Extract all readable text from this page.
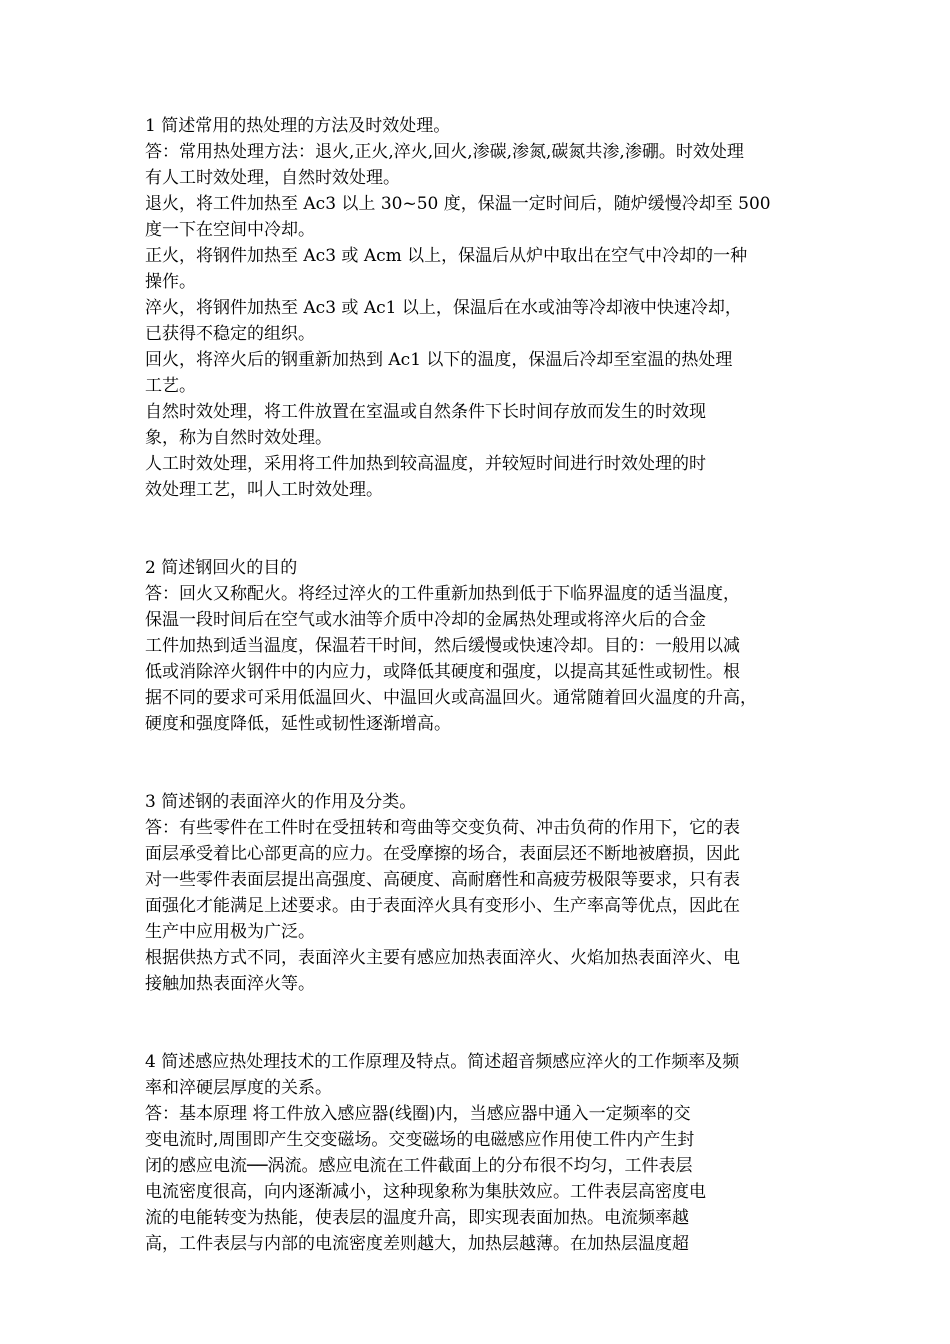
1 简述常用的热处理的方法及时效处理。
答：常用热处理方法：退火,正火,淬火,回火,渗碳,渗氮,碳氮共渗,渗硼。时效处理
有人工时效处理，自然时效处理。
退火，将工件加热至 Ac3 以上 30~50 度，保温一定时间后，随炉缓慢冷却至 500
度一下在空间中冷却。
正火，将钢件加热至 Ac3 或 Acm 以上，保温后从炉中取出在空气中冷却的一种
操作。
淬火，将钢件加热至 Ac3 或 Ac1 以上，保温后在水或油等冷却液中快速冷却，
已获得不稳定的组织。
回火，将淬火后的钢重新加热到 Ac1 以下的温度，保温后冷却至室温的热处理
工艺。
自然时效处理，将工件放置在室温或自然条件下长时间存放而发生的时效现
象，称为自然时效处理。
人工时效处理，采用将工件加热到较高温度，并较短时间进行时效处理的时
效处理工艺，叫人工时效处理。
2 简述钢回火的目的
答：回火又称配火。将经过淬火的工件重新加热到低于下临界温度的适当温度，
保温一段时间后在空气或水油等介质中冷却的金属热处理或将淬火后的合金
工件加热到适当温度，保温若干时间，然后缓慢或快速冷却。目的：一般用以减
低或消除淬火钢件中的内应力，或降低其硬度和强度，以提高其延性或韧性。根
据不同的要求可采用低温回火、中温回火或高温回火。通常随着回火温度的升高，
硬度和强度降低，延性或韧性逐渐增高。
3 简述钢的表面淬火的作用及分类。
答：有些零件在工件时在受扭转和弯曲等交变负荷、冲击负荷的作用下，它的表
面层承受着比心部更高的应力。在受摩擦的场合，表面层还不断地被磨损，因此
对一些零件表面层提出高强度、高硬度、高耐磨性和高疲劳极限等要求，只有表
面强化才能满足上述要求。由于表面淬火具有变形小、生产率高等优点，因此在
生产中应用极为广泛。
根据供热方式不同，表面淬火主要有感应加热表面淬火、火焰加热表面淬火、电
接触加热表面淬火等。
4 简述感应热处理技术的工作原理及特点。简述超音频感应淬火的工作频率及频
率和淬硬层厚度的关系。
答：基本原理 将工件放入感应器(线圈)内，当感应器中通入一定频率的交
变电流时,周围即产生交变磁场。交变磁场的电磁感应作用使工件内产生封
闭的感应电流──涡流。感应电流在工件截面上的分布很不均匀，工件表层
电流密度很高，向内逐渐减小，这种现象称为集肤效应。工件表层高密度电
流的电能转变为热能，使表层的温度升高，即实现表面加热。电流频率越
高，工件表层与内部的电流密度差则越大，加热层越薄。在加热层温度超
